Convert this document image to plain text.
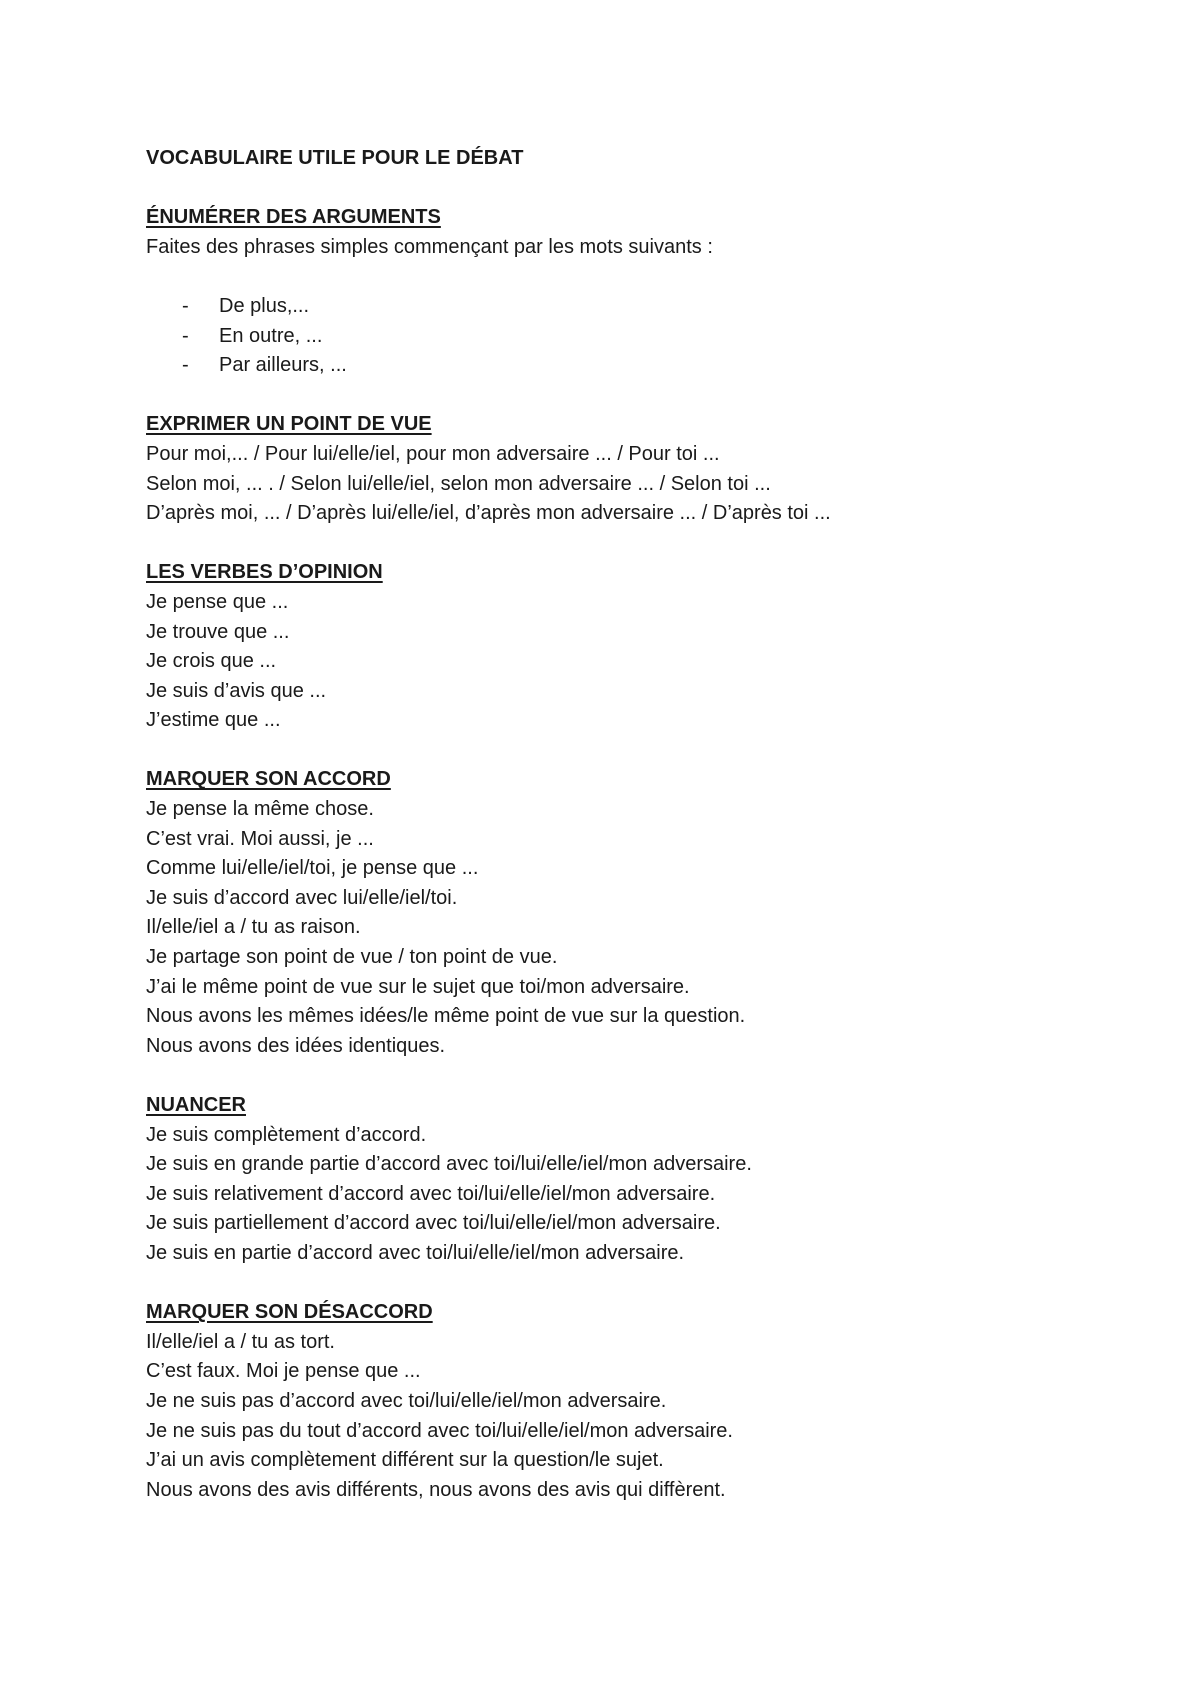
VOCABULAIRE UTILE POUR LE DÉBAT
ÉNUMÉRER DES ARGUMENTS

Faites des phrases simples commençant par les mots suivants :

- De plus,...
- En outre, ...
- Par ailleurs, ...
EXPRIMER UN POINT DE VUE

Pour moi,... / Pour lui/elle/iel, pour mon adversaire ... / Pour toi ...

Selon moi, ... . / Selon lui/elle/iel, selon mon adversaire ... / Selon toi ...

D’après moi, ... / D’après lui/elle/iel, d’après mon adversaire ... / D’après toi ...

LES VERBES D’OPINION

Je pense que ...

Je trouve que ...

Je crois que ...

Je suis d’avis que ...

J’estime que ...

MARQUER SON ACCORD

Je pense la même chose.

C’est vrai. Moi aussi, je ...

Comme lui/elle/iel/toi, je pense que ...

Je suis d’accord avec lui/elle/iel/toi.

Il/elle/iel a / tu as raison.

Je partage son point de vue / ton point de vue.

J’ai le même point de vue sur le sujet que toi/mon adversaire.

Nous avons les mêmes idées/le même point de vue sur la question.

Nous avons des idées identiques.

NUANCER

Je suis complètement d’accord.

Je suis en grande partie d’accord avec toi/lui/elle/iel/mon adversaire.

Je suis relativement d’accord avec toi/lui/elle/iel/mon adversaire.

Je suis partiellement d’accord avec toi/lui/elle/iel/mon adversaire.

Je suis en partie d’accord avec toi/lui/elle/iel/mon adversaire.

MARQUER SON DÉSACCORD

Il/elle/iel a / tu as tort.

C’est faux. Moi je pense que ...

Je ne suis pas d’accord avec toi/lui/elle/iel/mon adversaire.

Je ne suis pas du tout d’accord avec toi/lui/elle/iel/mon adversaire.

J’ai un avis complètement différent sur la question/le sujet.

Nous avons des avis différents, nous avons des avis qui diffèrent.
